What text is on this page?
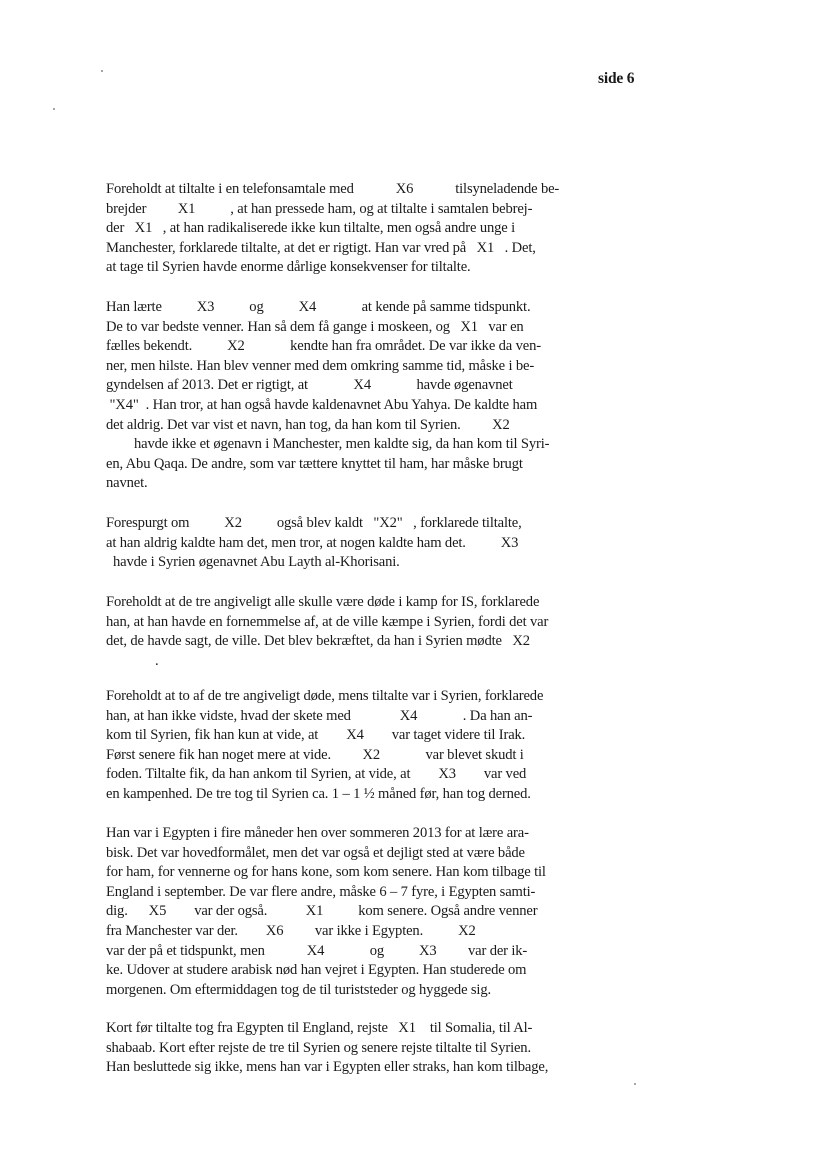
side 6
Foreholdt at tiltalte i en telefonsamtale med            X6            tilsyneladende be-
brejder         X1          , at han pressede ham, og at tiltalte i samtalen bebrej-
der   X1   , at han radikaliserede ikke kun tiltalte, men også andre unge i
Manchester, forklarede tiltalte, at det er rigtigt. Han var vred på   X1   . Det,
at tage til Syrien havde enorme dårlige konsekvenser for tiltalte.
Han lærte          X3          og          X4             at kende på samme tidspunkt.
De to var bedste venner. Han så dem få gange i moskeen, og   X1   var en
fælles bekendt.          X2             kendte han fra området. De var ikke da ven-
ner, men hilste. Han blev venner med dem omkring samme tid, måske i be-
gyndelsen af 2013. Det er rigtigt, at             X4             havde øgenavnet
"X4"  . Han tror, at han også havde kaldenavnet Abu Yahya. De kaldte ham
det aldrig. Det var vist et navn, han tog, da han kom til Syrien.         X2
havde ikke et øgenavn i Manchester, men kaldte sig, da han kom til Syri-
en, Abu Qaqa. De andre, som var tættere knyttet til ham, har måske brugt
navnet.
Forespurgt om          X2          også blev kaldt   "X2"   , forklarede tiltalte,
at han aldrig kaldte ham det, men tror, at nogen kaldte ham det.          X3
havde i Syrien øgenavnet Abu Layth al-Khorisani.
Foreholdt at de tre angiveligt alle skulle være døde i kamp for IS, forklarede
han, at han havde en fornemmelse af, at de ville kæmpe i Syrien, fordi det var
det, de havde sagt, de ville. Det blev bekræftet, da han i Syrien mødte   X2
.
Foreholdt at to af de tre angiveligt døde, mens tiltalte var i Syrien, forklarede
han, at han ikke vidste, hvad der skete med              X4             . Da han an-
kom til Syrien, fik han kun at vide, at        X4        var taget videre til Irak.
Først senere fik han noget mere at vide.         X2             var blevet skudt i
foden. Tiltalte fik, da han ankom til Syrien, at vide, at        X3        var ved
en kampenhed. De tre tog til Syrien ca. 1 – 1 ½ måned før, han tog derned.
Han var i Egypten i fire måneder hen over sommeren 2013 for at lære ara-
bisk. Det var hovedformålet, men det var også et dejligt sted at være både
for ham, for vennerne og for hans kone, som kom senere. Han kom tilbage til
England i september. De var flere andre, måske 6 – 7 fyre, i Egypten samti-
dig.      X5        var der også.           X1          kom senere. Også andre venner
fra Manchester var der.        X6         var ikke i Egypten.          X2
var der på et tidspunkt, men            X4             og          X3         var der ik-
ke. Udover at studere arabisk nød han vejret i Egypten. Han studerede om
morgenen. Om eftermiddagen tog de til turiststeder og hyggede sig.
Kort før tiltalte tog fra Egypten til England, rejste   X1    til Somalia, til Al-
shabaab. Kort efter rejste de tre til Syrien og senere rejste tiltalte til Syrien.
Han besluttede sig ikke, mens han var i Egypten eller straks, han kom tilbage,
